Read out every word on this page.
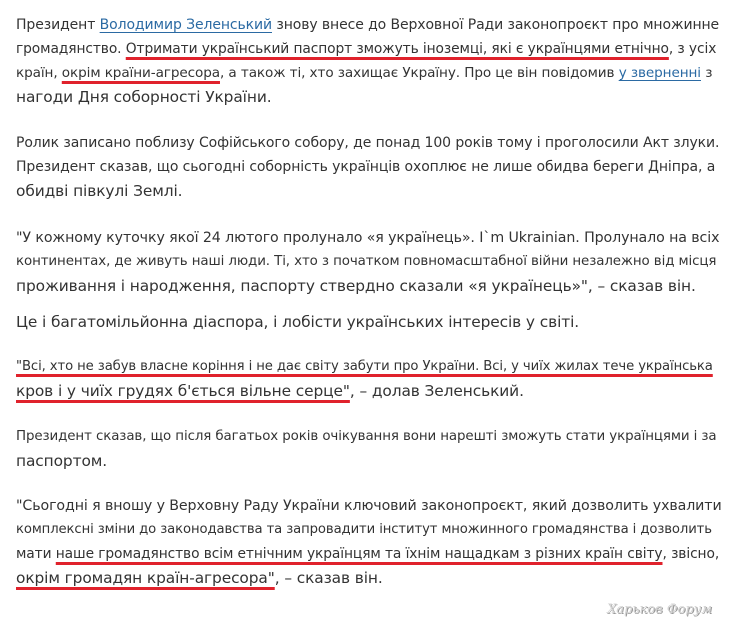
Президент Володимир Зеленський знову внесе до Верховної Ради законопроєкт про множинне

громадянство. Отримати український паспорт зможуть іноземці, які є українцями етнічно, з усіх

країн, окрім країни-агресора, а також ті, хто захищає Україну. Про це він повідомив у зверненні з

нагоди Дня соборності України.

Ролик записано поблизу Софійського собору, де понад 100 років тому і проголосили Акт злуки.

Президент сказав, що сьогодні соборність українців охоплює не лише обидва береги Дніпра, а

обидві півкулі Землі.

"У кожному куточку якої 24 лютого пролунало «я українець». I`m Ukrainian. Пролунало на всіх

континентах, де живуть наші люди. Ті, хто з початком повномасштабної війни незалежно від місця

проживання і народження, паспорту ствердно сказали «я українець»", – сказав він.

Це і багатомільйонна діаспора, і лобісти українських інтересів у світі.

"Всі, хто не забув власне коріння і не дає світу забути про України. Всі, у чиїх жилах тече українська

кров і у чиїх грудях б'ється вільне серце", – долав Зеленський.

Президент сказав, що після багатьох років очікування вони нарешті зможуть стати українцями і за

паспортом.

"Сьогодні я вношу у Верховну Раду України ключовий законопроєкт, який дозволить ухвалити

комплексні зміни до законодавства та запровадити інститут множинного громадянства і дозволить

мати наше громадянство всім етнічним українцям та їхнім нащадкам з різних країн світу, звісно,

окрім громадян країн-агресора", – сказав він.

Харьков Форум
